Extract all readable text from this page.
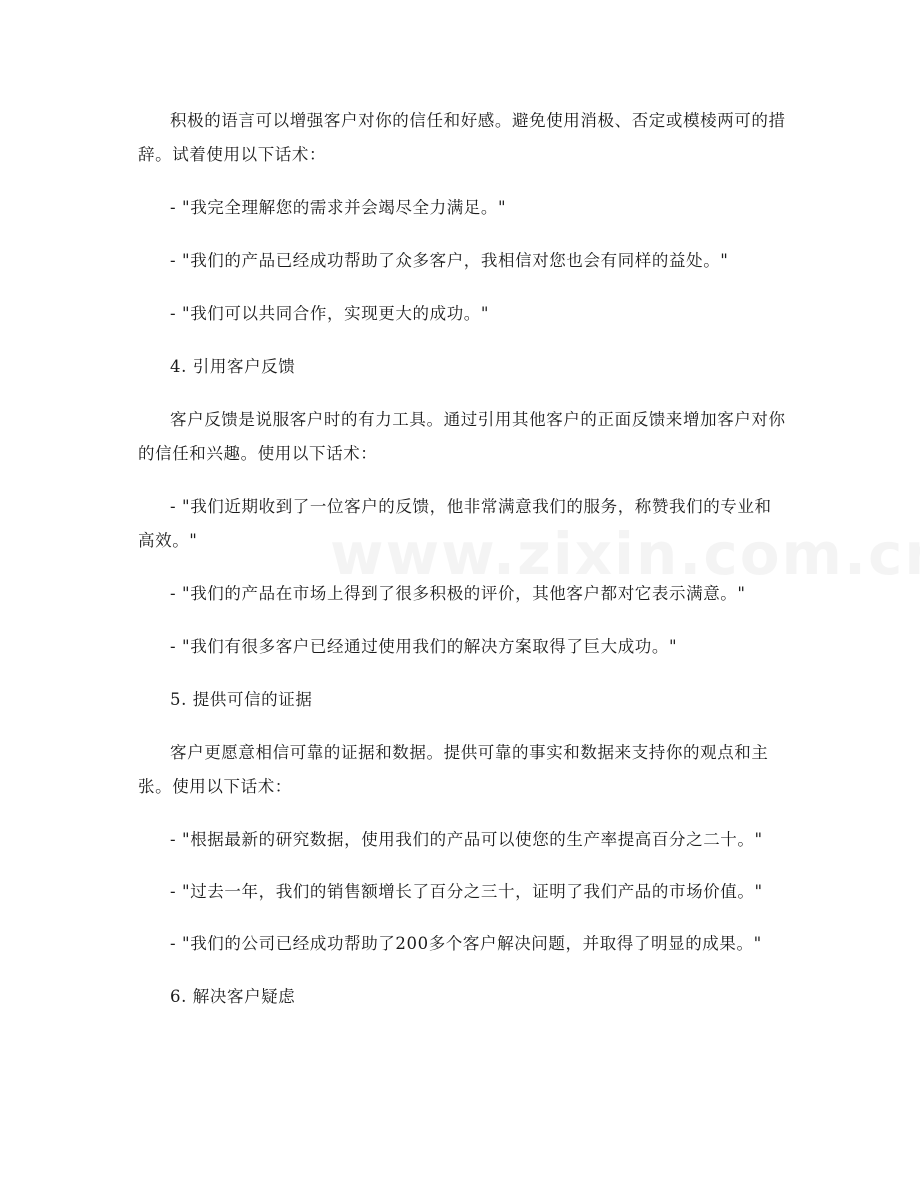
积极的语言可以增强客户对你的信任和好感。避免使用消极、否定或模棱两可的措辞。试着使用以下话术：

- "我完全理解您的需求并会竭尽全力满足。"

- "我们的产品已经成功帮助了众多客户，我相信对您也会有同样的益处。"

- "我们可以共同合作，实现更大的成功。"

4. 引用客户反馈

客户反馈是说服客户时的有力工具。通过引用其他客户的正面反馈来增加客户对你的信任和兴趣。使用以下话术：

- "我们近期收到了一位客户的反馈，他非常满意我们的服务，称赞我们的专业和高效。"

- "我们的产品在市场上得到了很多积极的评价，其他客户都对它表示满意。"

- "我们有很多客户已经通过使用我们的解决方案取得了巨大成功。"

5. 提供可信的证据

客户更愿意相信可靠的证据和数据。提供可靠的事实和数据来支持你的观点和主张。使用以下话术：

- "根据最新的研究数据，使用我们的产品可以使您的生产率提高百分之二十。"

- "过去一年，我们的销售额增长了百分之三十，证明了我们产品的市场价值。"

- "我们的公司已经成功帮助了200多个客户解决问题，并取得了明显的成果。"

6. 解决客户疑虑
